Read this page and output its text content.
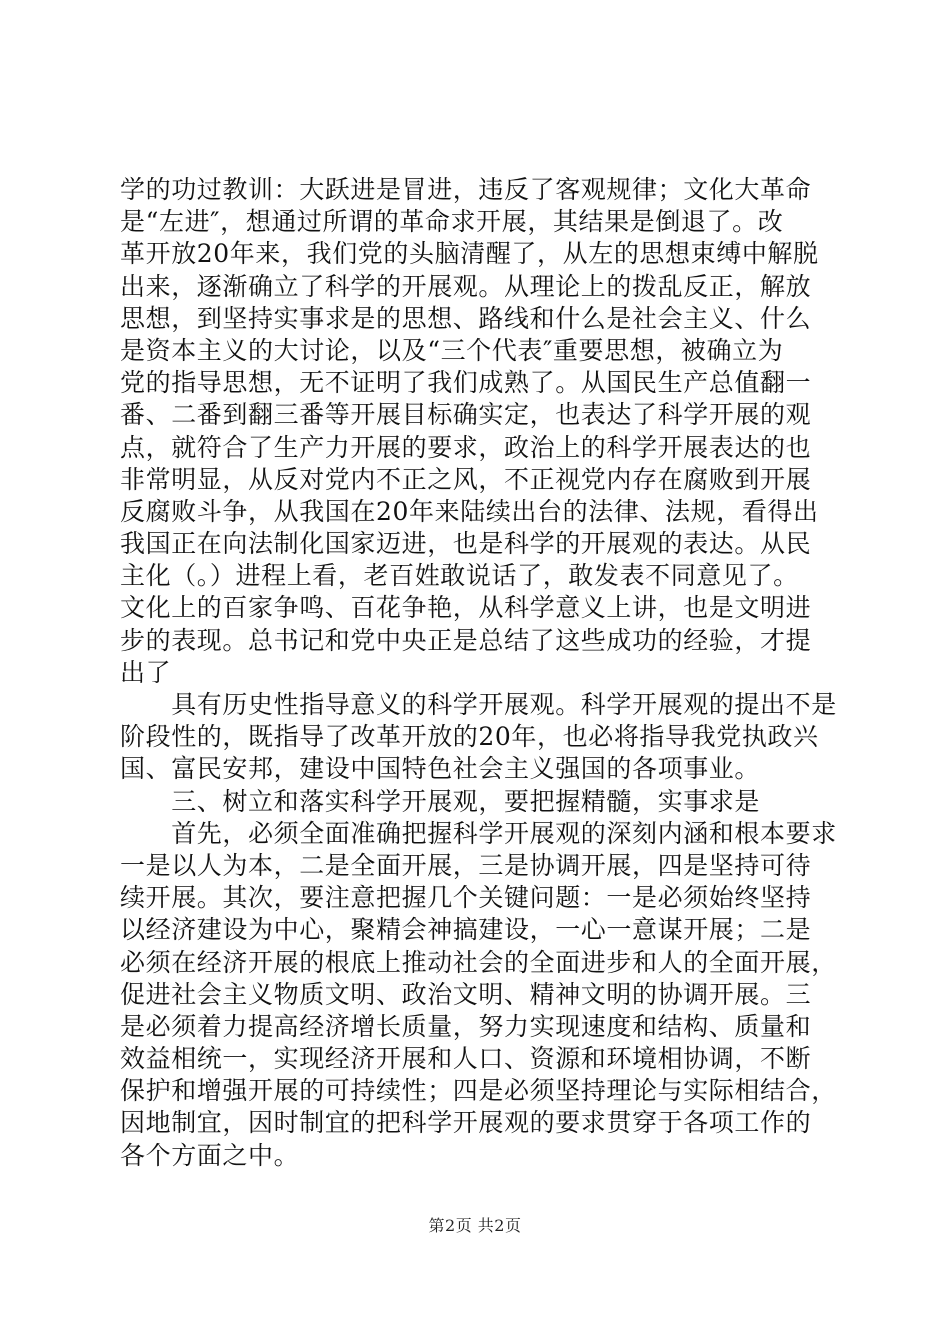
学的功过教训：大跃进是冒进，违反了客观规律；文化大革命
是“左进″，想通过所谓的革命求开展，其结果是倒退了。改
革开放20年来，我们党的头脑清醒了，从左的思想束缚中解脱
出来，逐渐确立了科学的开展观。从理论上的拨乱反正，解放
思想，到坚持实事求是的思想、路线和什么是社会主义、什么
是资本主义的大讨论，以及“三个代表″重要思想，被确立为
党的指导思想，无不证明了我们成熟了。从国民生产总值翻一
番、二番到翻三番等开展目标确实定，也表达了科学开展的观
点，就符合了生产力开展的要求，政治上的科学开展表达的也
非常明显，从反对党内不正之风，不正视党内存在腐败到开展
反腐败斗争，从我国在20年来陆续出台的法律、法规，看得出
我国正在向法制化国家迈进，也是科学的开展观的表达。从民
主化（。）进程上看，老百姓敢说话了，敢发表不同意见了。
文化上的百家争鸣、百花争艳，从科学意义上讲，也是文明进
步的表现。总书记和党中央正是总结了这些成功的经验，才提
出了
　　具有历史性指导意义的科学开展观。科学开展观的提出不是
阶段性的，既指导了改革开放的20年，也必将指导我党执政兴
国、富民安邦，建设中国特色社会主义强国的各项事业。
　　三、树立和落实科学开展观，要把握精髓，实事求是
　　首先，必须全面准确把握科学开展观的深刻内涵和根本要求
一是以人为本，二是全面开展，三是协调开展，四是坚持可待
续开展。其次，要注意把握几个关键问题：一是必须始终坚持
以经济建设为中心，聚精会神搞建设，一心一意谋开展；二是
必须在经济开展的根底上推动社会的全面进步和人的全面开展，
促进社会主义物质文明、政治文明、精神文明的协调开展。三
是必须着力提高经济增长质量，努力实现速度和结构、质量和
效益相统一，实现经济开展和人口、资源和环境相协调，不断
保护和增强开展的可持续性；四是必须坚持理论与实际相结合，
因地制宜，因时制宜的把科学开展观的要求贯穿于各项工作的
各个方面之中。
第2页 共2页
